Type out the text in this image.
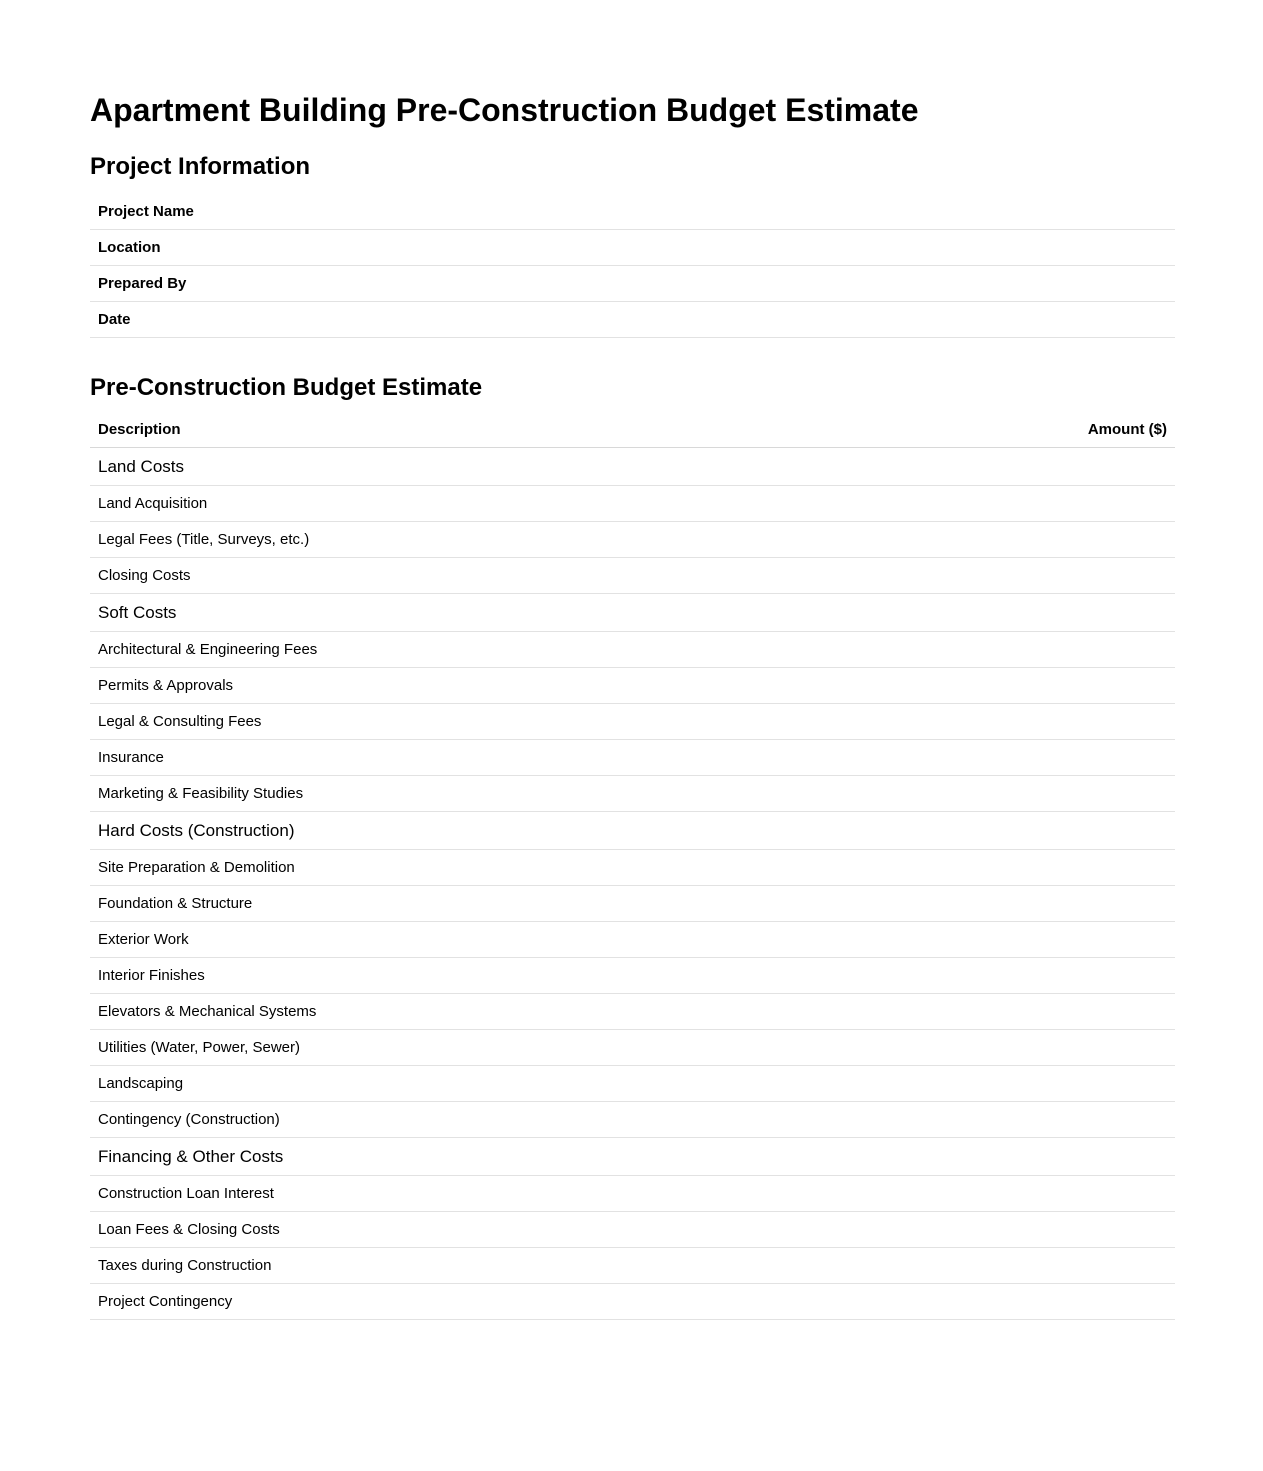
Apartment Building Pre-Construction Budget Estimate
Project Information
Project Name	
Location	
Prepared By	
Date	
Pre-Construction Budget Estimate
Description	Amount ($)
Land Costs	
Land Acquisition	
Legal Fees (Title, Surveys, etc.)	
Closing Costs	
Soft Costs	
Architectural & Engineering Fees	
Permits & Approvals	
Legal & Consulting Fees	
Insurance	
Marketing & Feasibility Studies	
Hard Costs (Construction)	
Site Preparation & Demolition	
Foundation & Structure	
Exterior Work	
Interior Finishes	
Elevators & Mechanical Systems	
Utilities (Water, Power, Sewer)	
Landscaping	
Contingency (Construction)	
Financing & Other Costs	
Construction Loan Interest	
Loan Fees & Closing Costs	
Taxes during Construction	
Project Contingency	
